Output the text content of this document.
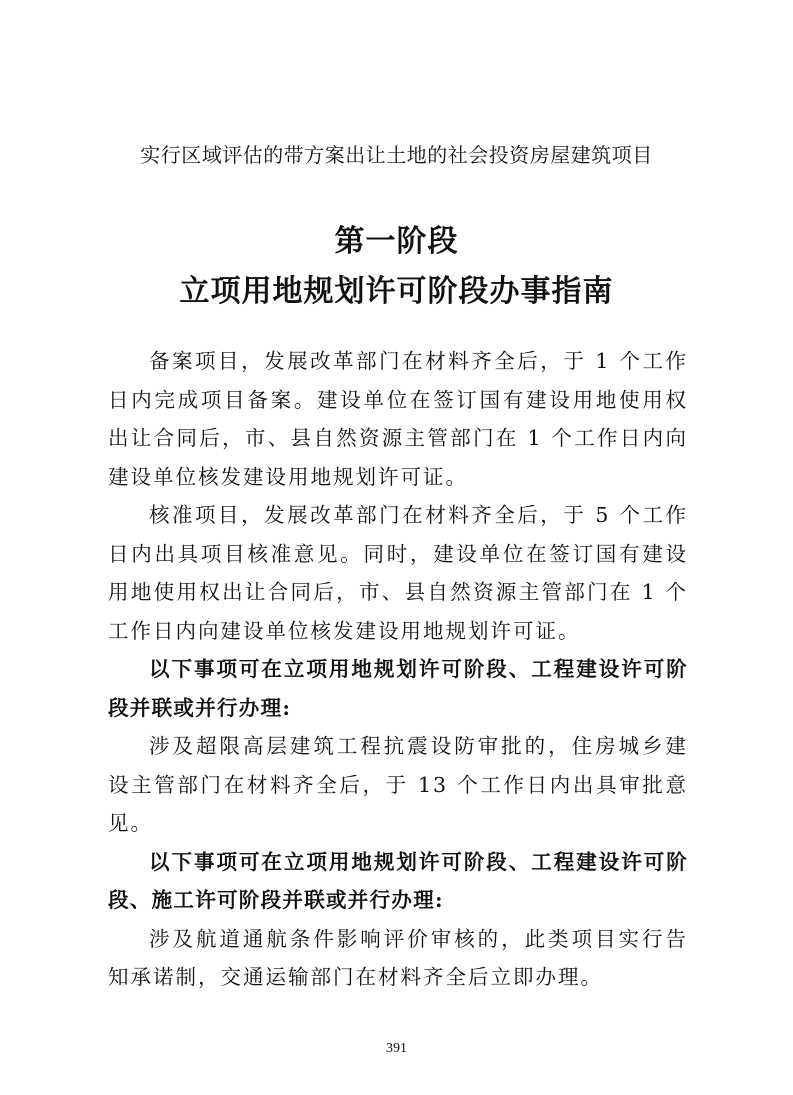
实行区域评估的带方案出让土地的社会投资房屋建筑项目
第一阶段
立项用地规划许可阶段办事指南

备案项目，发展改革部门在材料齐全后，于 1 个工作日内完成项目备案。建设单位在签订国有建设用地使用权出让合同后，市、县自然资源主管部门在 1 个工作日内向建设单位核发建设用地规划许可证。

核准项目，发展改革部门在材料齐全后，于 5 个工作日内出具项目核准意见。同时，建设单位在签订国有建设用地使用权出让合同后，市、县自然资源主管部门在 1 个工作日内向建设单位核发建设用地规划许可证。

以下事项可在立项用地规划许可阶段、工程建设许可阶段并联或并行办理:

涉及超限高层建筑工程抗震设防审批的，住房城乡建设主管部门在材料齐全后，于 13 个工作日内出具审批意见。

以下事项可在立项用地规划许可阶段、工程建设许可阶段、施工许可阶段并联或并行办理:

涉及航道通航条件影响评价审核的，此类项目实行告知承诺制，交通运输部门在材料齐全后立即办理。

391
